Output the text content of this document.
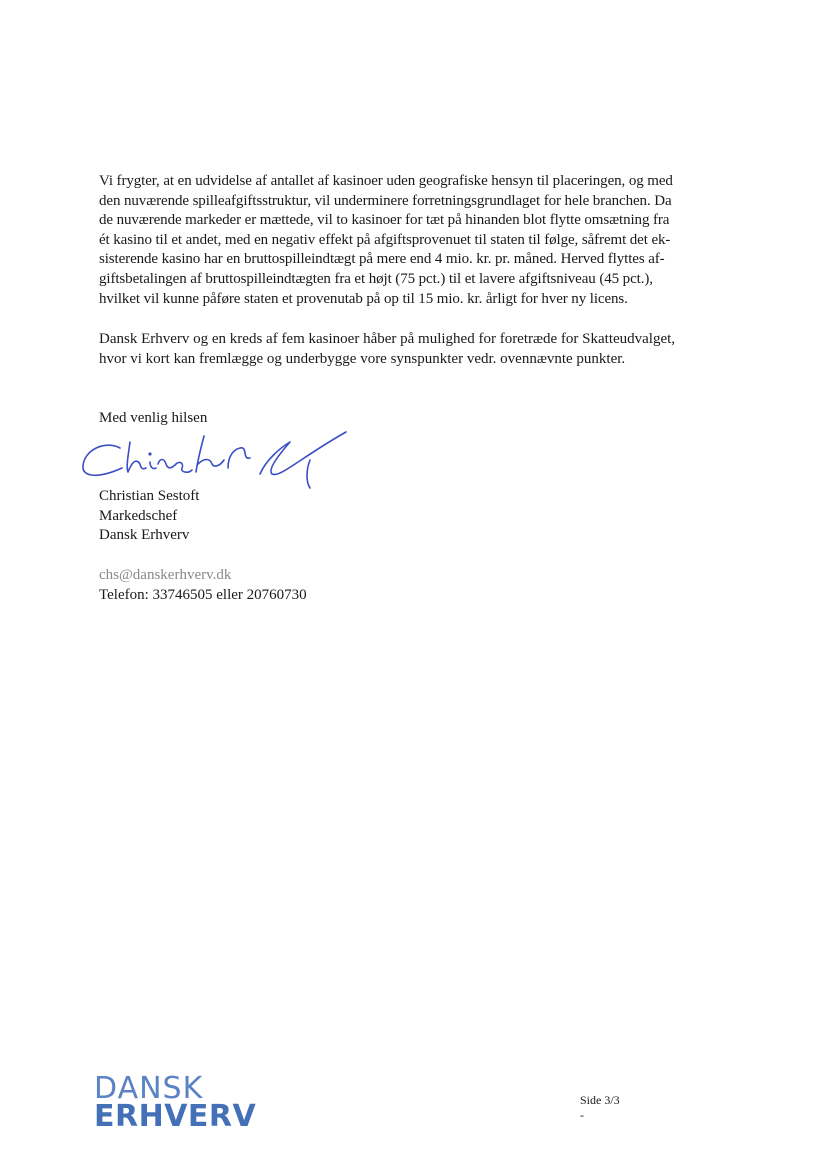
Vi frygter, at en udvidelse af antallet af kasinoer uden geografiske hensyn til placeringen, og med
den nuværende spilleafgiftsstruktur, vil underminere forretningsgrundlaget for hele branchen. Da
de nuværende markeder er mættede, vil to kasinoer for tæt på hinanden blot flytte omsætning fra
ét kasino til et andet, med en negativ effekt på afgiftsprovenuet til staten til følge, såfremt det ek-
sisterende kasino har en bruttospilleindtægt på mere end 4 mio. kr. pr. måned. Herved flyttes af-
giftsbetalingen af bruttospilleindtægten fra et højt (75 pct.) til et lavere afgiftsniveau (45 pct.),
hvilket vil kunne påføre staten et provenutab på op til 15 mio. kr. årligt for hver ny licens.
Dansk Erhverv og en kreds af fem kasinoer håber på mulighed for foretræde for Skatteudvalget,
hvor vi kort kan fremlægge og underbygge vore synspunkter vedr. ovennævnte punkter.
Med venlig hilsen
Christian Sestoft
Markedschef
Dansk Erhverv
chs@danskerhverv.dk
Telefon: 33746505 eller 20760730
DANSK
ERHVERV	Side 3/3
-
